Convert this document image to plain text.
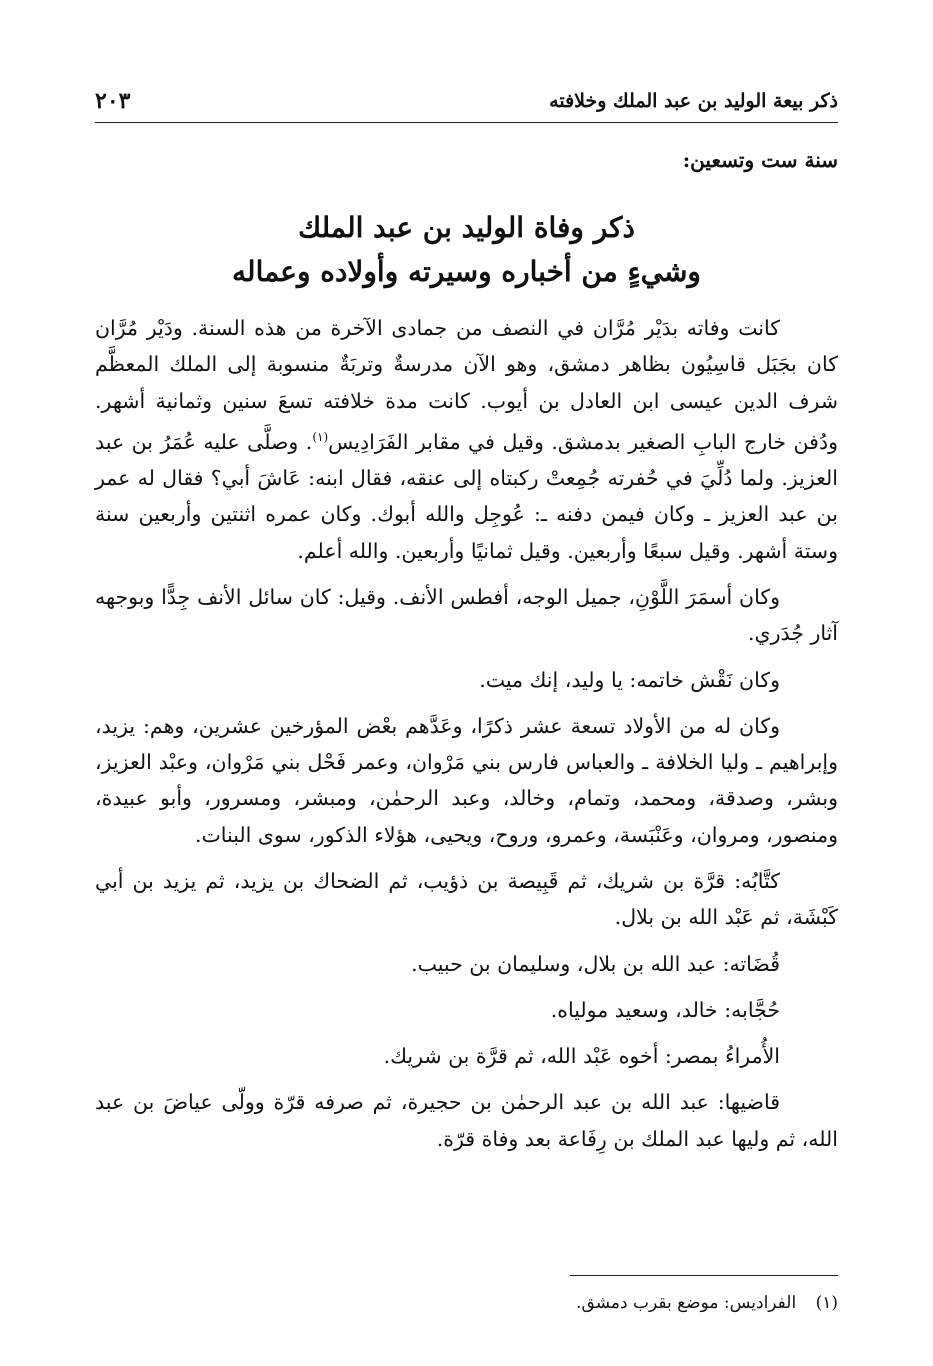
ذكر بيعة الوليد بن عبد الملك وخلافته
٢٠٣
سنة ست وتسعين:
ذكر وفاة الوليد بن عبد الملك
وشيءٍ من أخباره وسيرته وأولاده وعماله

كانت وفاته بدَيْر مُرَّان في النصف من جمادى الآخرة من هذه السنة. ودَيْر مُرَّان كان بجَبَل قاسِيُون بظاهر دمشق، وهو الآن مدرسةٌ وتربَةٌ منسوبة إلى الملك المعظَّم شرف الدين عيسى ابن العادل بن أيوب. كانت مدة خلافته تسعَ سنين وثمانية أشهر. ودُفن خارج البابِ الصغير بدمشق. وقيل في مقابر الفَرَادِيس$^{(١)}$. وصلَّى عليه عُمَرُ بن عبد العزيز. ولما دُلِّيَ في حُفرته جُمِعتْ ركبتاه إلى عنقه، فقال ابنه: عَاشَ أبي؟ فقال له عمر بن عبد العزيز ـ وكان فيمن دفنه ـ: عُوجِل والله أبوك. وكان عمره اثنتين وأربعين سنة وستة أشهر. وقيل سبعًا وأربعين. وقيل ثمانيًا وأربعين. والله أعلم.

وكان أسمَرَ اللَّوْنِ، جميل الوجه، أفطس الأنف. وقيل: كان سائل الأنف جِدًّا وبوجهه آثار جُدَري.

وكان نَقْش خاتمه: يا وليد، إنك ميت.

وكان له من الأولاد تسعة عشر ذكرًا، وعَدَّهم بعْض المؤرخين عشرين، وهم: يزيد، وإبراهيم ـ وليا الخلافة ـ والعباس فارس بني مَرْوان، وعمر فَحْل بني مَرْوان، وعبْد العزيز، وبشر، وصدقة، ومحمد، وتمام، وخالد، وعبد الرحمٰن، ومبشر، ومسرور، وأبو عبيدة، ومنصور، ومروان، وعَنْبَسة، وعمرو، وروح، ويحيى، هؤلاء الذكور، سوى البنات.

كتَّابُه: قرَّة بن شريك، ثم قَبِيصة بن ذؤيب، ثم الضحاك بن يزيد، ثم يزيد بن أبي كَبْشَة، ثم عَبْد الله بن بلال.

قُضَاته: عبد الله بن بلال، وسليمان بن حبيب.

حُجَّابه: خالد، وسعيد مولياه.

الأُمراءُ بمصر: أخوه عَبْد الله، ثم قرَّة بن شريك.

قاضيها: عبد الله بن عبد الرحمٰن بن حجيرة، ثم صرفه قرّة وولّى عياضَ بن عبد الله، ثم وليها عبد الملك بن رِفَاعة بعد وفاة قرّة.

(١) الفراديس: موضع بقرب دمشق.
